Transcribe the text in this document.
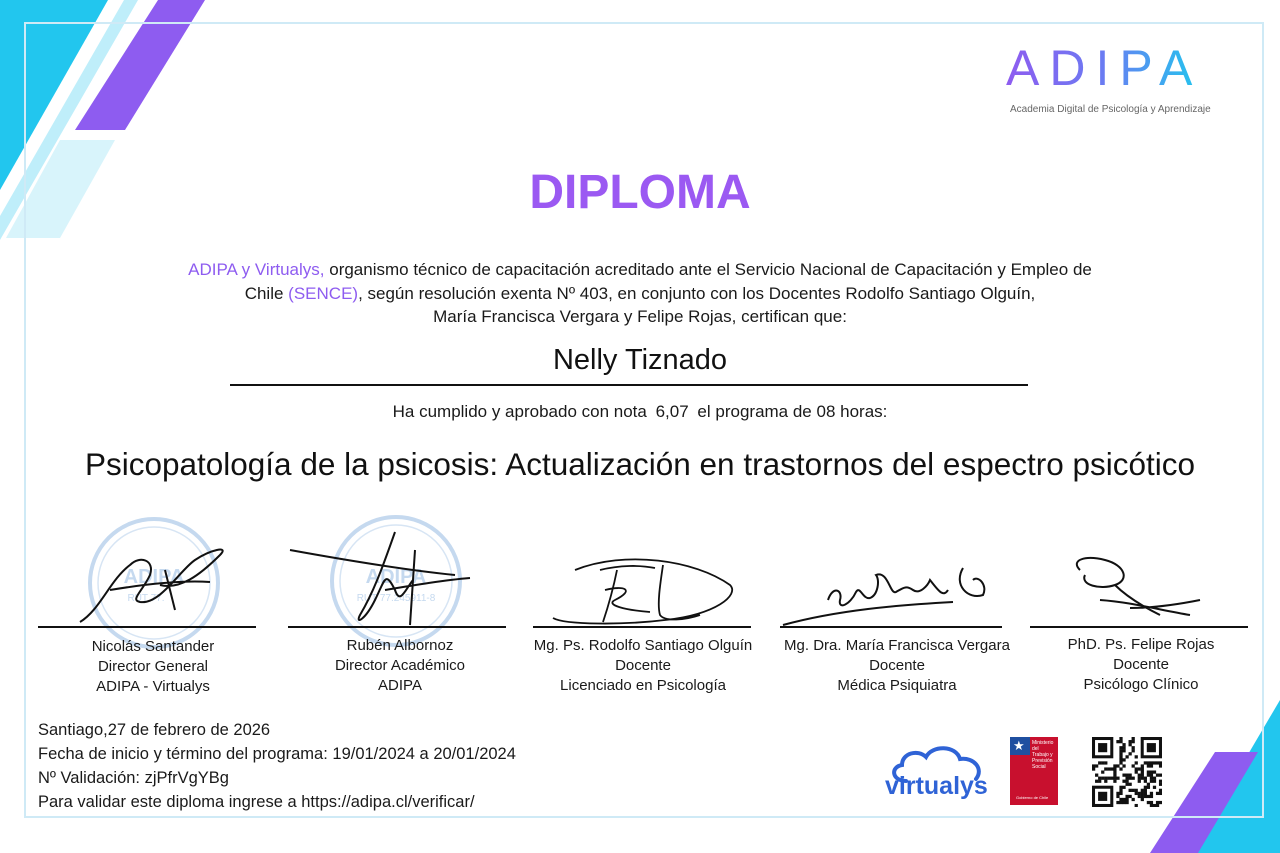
ADIPA
Academia Digital de Psicología y Aprendizaje
DIPLOMA
ADIPA y Virtualys, organismo técnico de capacitación acreditado ante el Servicio Nacional de Capacitación y Empleo de
Chile (SENCE), según resolución exenta Nº 403, en conjunto con los Docentes Rodolfo Santiago Olguín,
María Francisca Vergara y Felipe Rojas, certifican que:
Nelly Tiznado
Ha cumplido y aprobado con nota 6,07 el programa de 08 horas:
Psicopatología de la psicosis: Actualización en trastornos del espectro psicótico
ADIPA
RUT 77.
ADIPA
RUT 77.245911-8
Nicolás Santander
Director General
ADIPA - Virtualys
Rubén Albornoz
Director Académico
ADIPA
Mg. Ps. Rodolfo Santiago Olguín
Docente
Licenciado en Psicología
Mg. Dra. María Francisca Vergara
Docente
Médica Psiquiatra
PhD. Ps. Felipe Rojas
Docente
Psicólogo Clínico
Santiago,27 de febrero de 2026
Fecha de inicio y término del programa: 19/01/2024 a 20/01/2024
Nº Validación: zjPfrVgYBg
Para validar este diploma ingrese a https://adipa.cl/verificar/
virtualys
★ Ministerio del
Trabajo y
Previsión
Social
Gobierno de Chile
